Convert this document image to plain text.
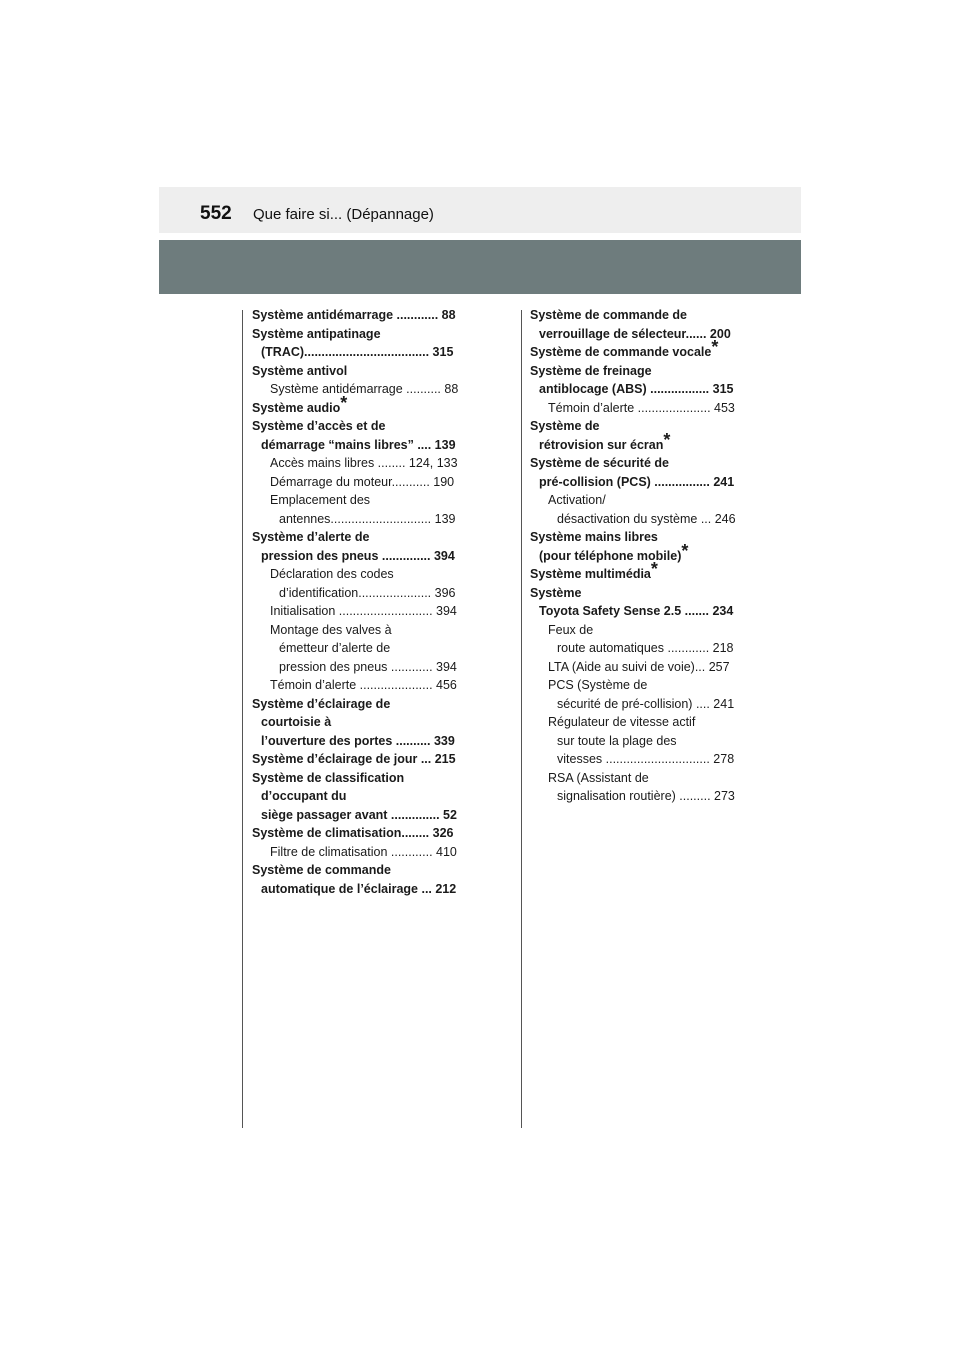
552 Que faire si... (Dépannage)
Système antidémarrage ............ 88
Système antipatinage
(TRAC).................................... 315
Système antivol
Système antidémarrage .......... 88
Système audio*
Système d’accès et de
démarrage “mains libres” .... 139
Accès mains libres ........ 124, 133
Démarrage du moteur........... 190
Emplacement des
antennes............................. 139
Système d’alerte de
pression des pneus .............. 394
Déclaration des codes
d’identification..................... 396
Initialisation ........................... 394
Montage des valves à
émetteur d’alerte de
pression des pneus ............ 394
Témoin d’alerte ..................... 456
Système d’éclairage de
courtoisie à
l’ouverture des portes .......... 339
Système d’éclairage de jour ... 215
Système de classification
d’occupant du
siège passager avant .............. 52
Système de climatisation........ 326
Filtre de climatisation ............ 410
Système de commande
automatique de l’éclairage ... 212
Système de commande de
verrouillage de sélecteur...... 200
Système de commande vocale*
Système de freinage
antiblocage (ABS) ................. 315
Témoin d’alerte ..................... 453
Système de
rétrovision sur écran*
Système de sécurité de
pré-collision (PCS) ................ 241
Activation/
désactivation du système ... 246
Système mains libres
(pour téléphone mobile)*
Système multimédia*
Système
Toyota Safety Sense 2.5 ....... 234
Feux de
route automatiques ............ 218
LTA (Aide au suivi de voie)... 257
PCS (Système de
sécurité de pré-collision) .... 241
Régulateur de vitesse actif
sur toute la plage des
vitesses .............................. 278
RSA (Assistant de
signalisation routière) ......... 273
